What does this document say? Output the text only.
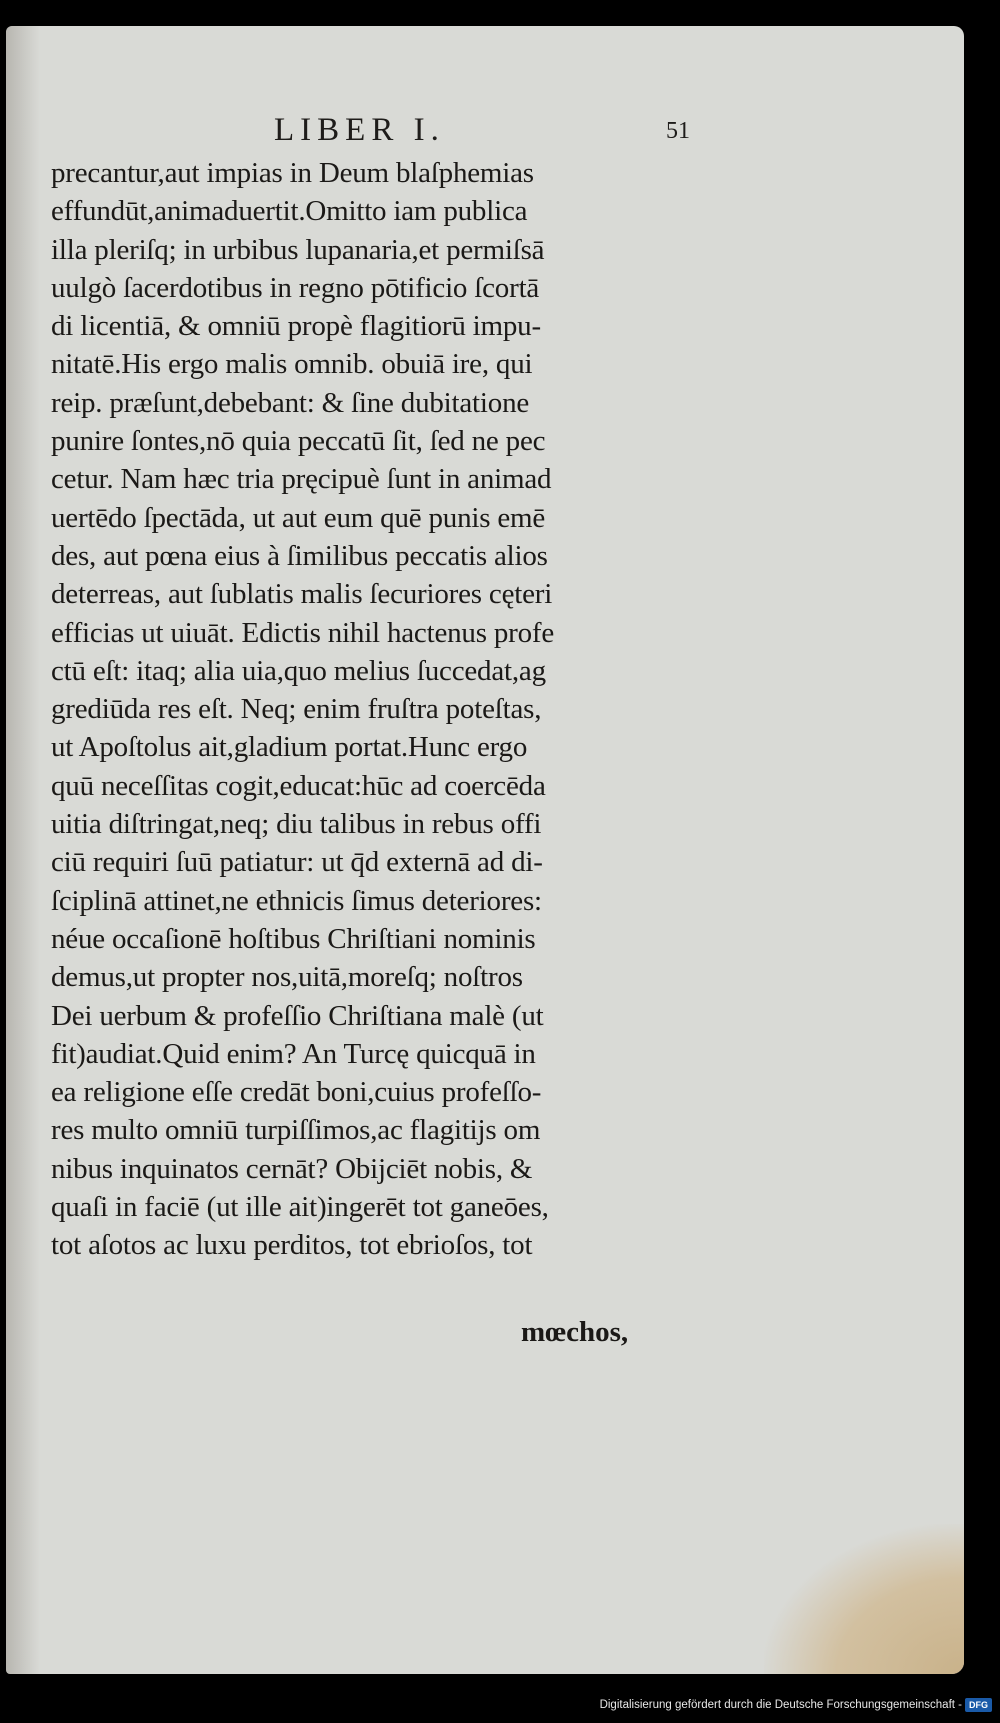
LIBER I.	51
precantur,aut impias in Deum blaſphemias
effundūt,animaduertit.Omitto iam publica
illa pleriſq; in urbibus lupanaria,et permiſsā
uulgò ſacerdotibus in regno pōtificio ſcortā
di licentiā, & omniū propè flagitiorū impu-
nitatē.His ergo malis omnib. obuiā ire, qui
reip. præſunt,debebant: & ſine dubitatione
punire ſontes,nō quia peccatū ſit, ſed ne pec
cetur. Nam hæc tria pręcipuè ſunt in animad
uertēdo ſpectāda, ut aut eum quē punis emē
des, aut pœna eius à ſimilibus peccatis alios
deterreas, aut ſublatis malis ſecuriores cęteri
efficias ut uiuāt. Edictis nihil hactenus profe
ctū eſt: itaq; alia uia,quo melius ſuccedat,ag
grediūda res eſt. Neq; enim fruſtra poteſtas,
ut Apoſtolus ait,gladium portat.Hunc ergo
quū neceſſitas cogit,educat:hūc ad coercēda
uitia diſtringat,neq; diu talibus in rebus offi
ciū requiri ſuū patiatur: ut q̄d externā ad di-
ſciplinā attinet,ne ethnicis ſimus deteriores:
néue occaſionē hoſtibus Chriſtiani nominis
demus,ut propter nos,uitā,moreſq; noſtros
Dei uerbum & profeſſio Chriſtiana malè (ut
fit)audiat.Quid enim? An Turcę quicquā in
ea religione eſſe credāt boni,cuius profeſſo-
res multo omniū turpiſſimos,ac flagitijs om
nibus inquinatos cernāt? Obijciēt nobis, &
quaſi in faciē (ut ille ait)ingerēt tot ganeōes,
tot aſotos ac luxu perditos, tot ebrioſos, tot
mœchos,
Digitalisierung gefördert durch die Deutsche Forschungsgemeinschaft - DFG
